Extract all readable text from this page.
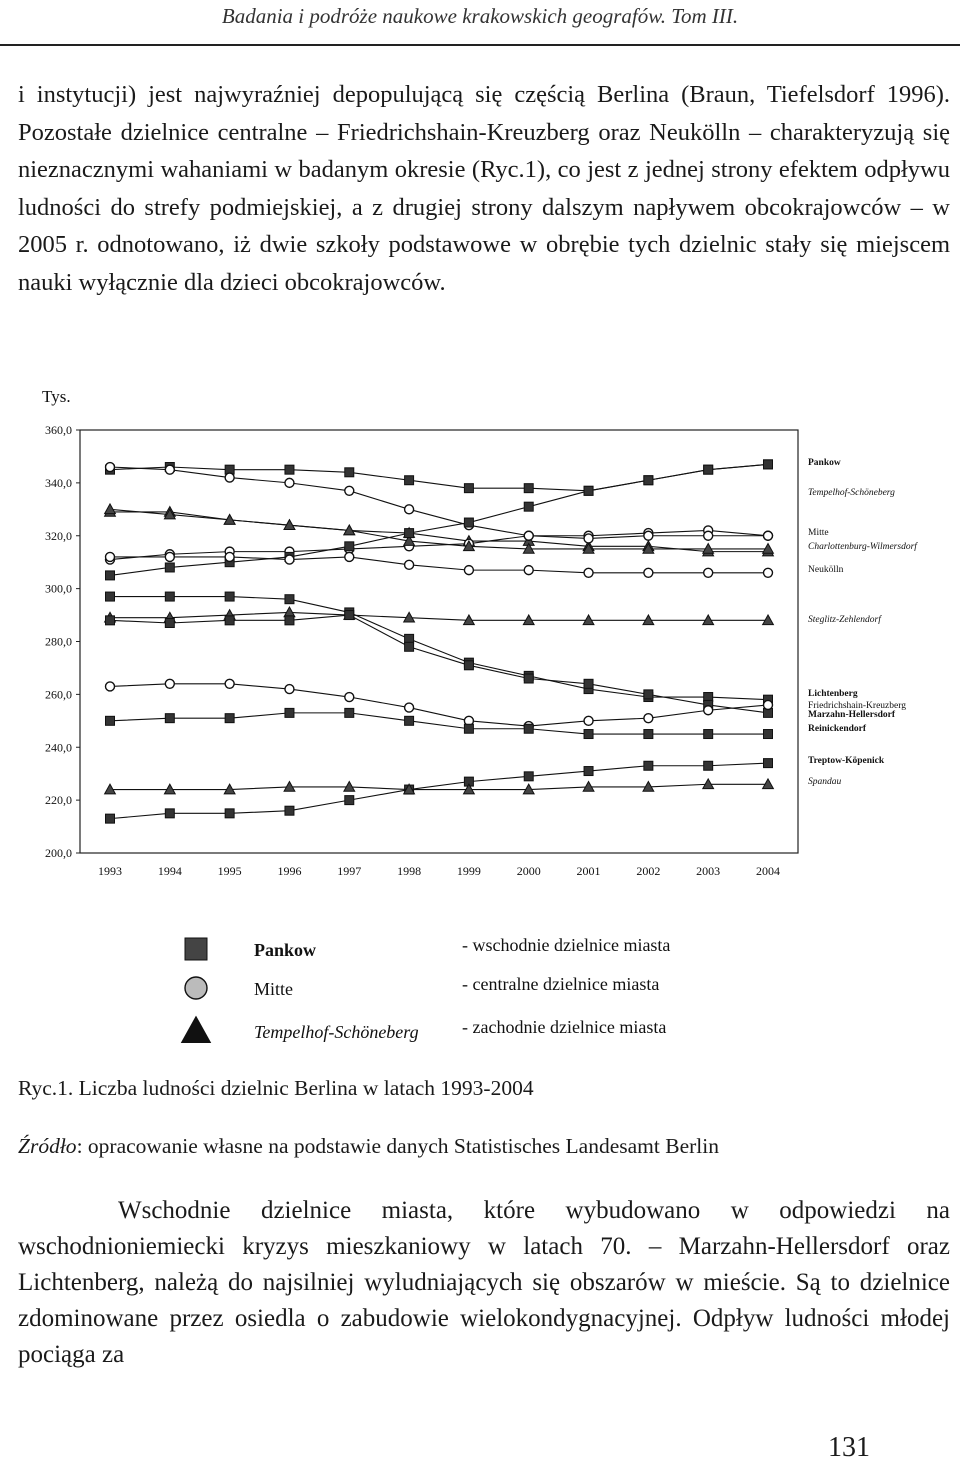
Badania i podróże naukowe krakowskich geografów. Tom III.

i instytucji) jest najwyraźniej depopulującą się częścią Berlina (Braun, Tiefelsdorf 1996). Pozostałe dzielnice centralne – Friedrichshain-Kreuzberg oraz Neukölln – charakteryzują się nieznacznymi wahaniami w badanym okresie (Ryc.1), co jest z jednej strony efektem odpływu ludności do strefy podmiejskiej, a z drugiej strony dalszym napływem obcokrajowców – w 2005 r. odnotowano, iż dwie szkoły podstawowe w obrębie tych dzielnic stały się miejscem nauki wyłącznie dla dzieci obcokrajowców.

200,0
220,0
240,0
260,0
280,0
300,0
320,0
340,0
360,0
1993	1994	1995	1996	1997	1998	1999	2000	2001	2002	2003	2004
Pankow
Tempelhof-Schöneberg
Mitte
Charlottenburg-Wilmersdorf
Neukölln
Steglitz-Zehlendorf
Lichtenberg
Friedrichshain-Kreuzberg
Marzahn-Hellersdorf
Reinickendorf
Treptow-Köpenick
Spandau
Pankow	- wschodnie dzielnice miasta
Mitte	- centralne dzielnice miasta
Tempelhof-Schöneberg - zachodnie dzielnice miasta
Tys.
Ryc.1. Liczba ludności dzielnic Berlina w latach 1993-2004
Źródło: opracowanie własne na podstawie danych Statistisches Landesamt Berlin

Wschodnie dzielnice miasta, które wybudowano w odpowiedzi na wschodnioniemiecki kryzys mieszkaniowy w latach 70. – Marzahn-Hellersdorf oraz Lichtenberg, należą do najsilniej wyludniających się obszarów w mieście. Są to dzielnice zdominowane przez osiedla o zabudowie wielokondygnacyjnej. Odpływ ludności młodej pociąga za

131
